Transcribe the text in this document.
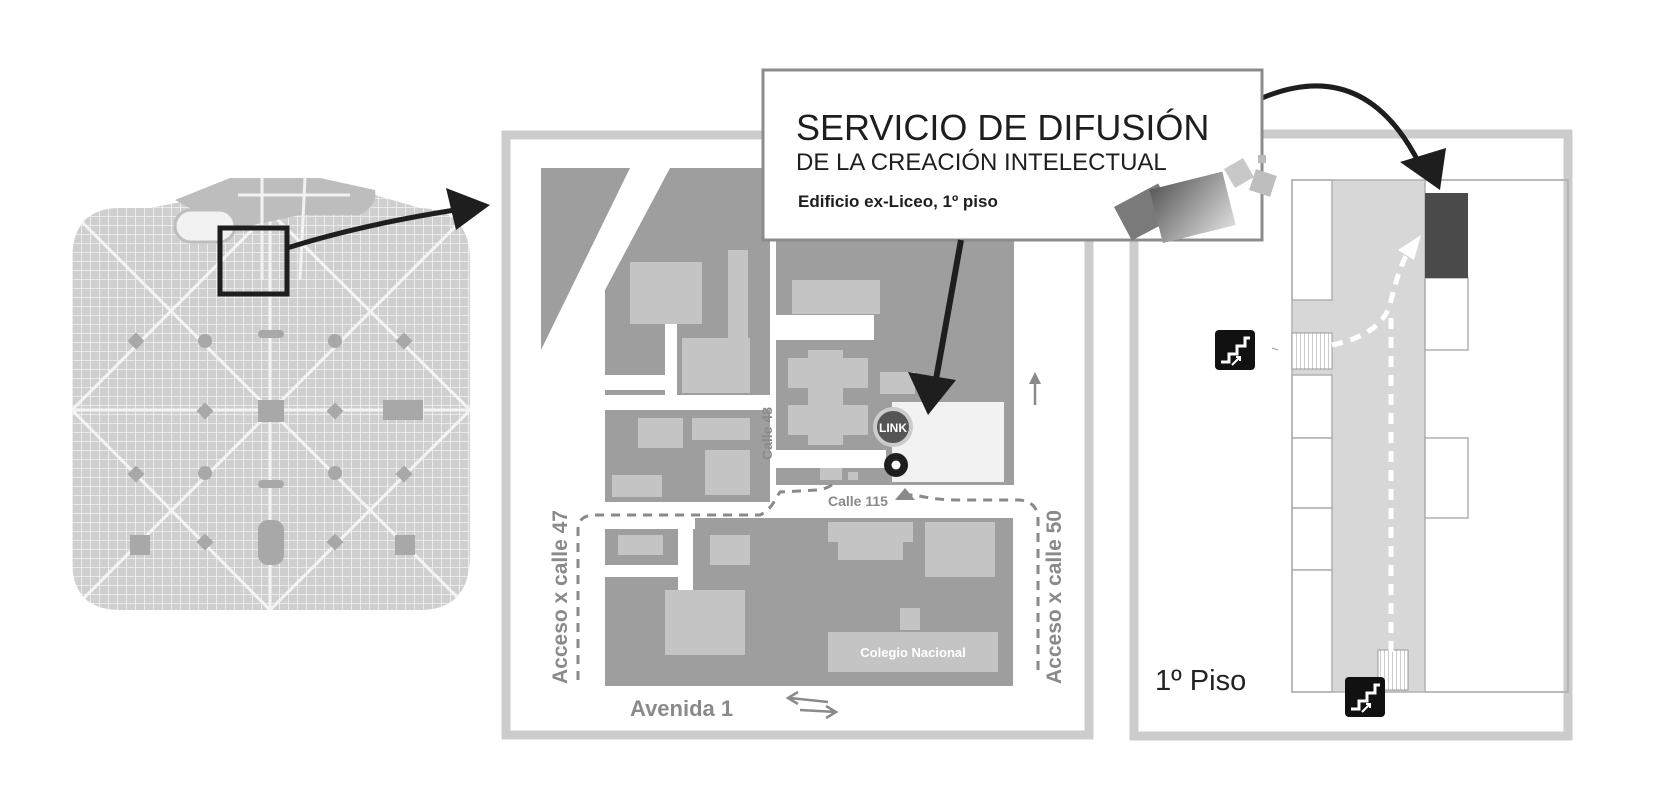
LINK
Calle 48
Calle 115
Acceso x calle 47	Acceso x calle 50
Avenida 1
Colegio Nacional
1º Piso
SERVICIO DE DIFUSIÓN
DE LA CREACIÓN INTELECTUAL
Edificio ex-Liceo, 1º piso
